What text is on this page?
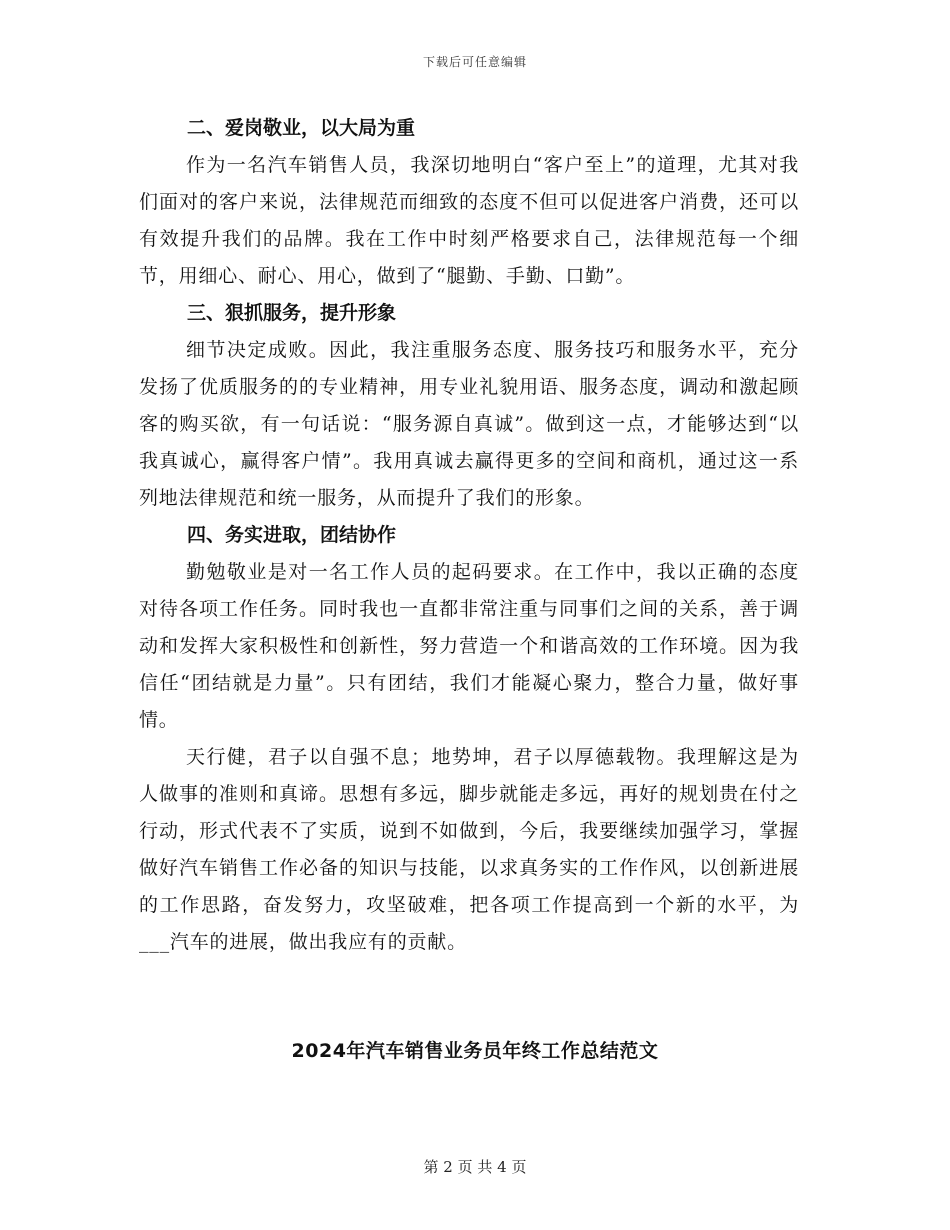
下载后可任意编辑
二、爱岗敬业，以大局为重

作为一名汽车销售人员，我深切地明白“客户至上”的道理，尤其对我们面对的客户来说，法律规范而细致的态度不但可以促进客户消费，还可以有效提升我们的品牌。我在工作中时刻严格要求自己，法律规范每一个细节，用细心、耐心、用心，做到了“腿勤、手勤、口勤”。

三、狠抓服务，提升形象

细节决定成败。因此，我注重服务态度、服务技巧和服务水平，充分发扬了优质服务的的专业精神，用专业礼貌用语、服务态度，调动和激起顾客的购买欲，有一句话说：“服务源自真诚”。做到这一点，才能够达到“以我真诚心，赢得客户情”。我用真诚去赢得更多的空间和商机，通过这一系列地法律规范和统一服务，从而提升了我们的形象。

四、务实进取，团结协作

勤勉敬业是对一名工作人员的起码要求。在工作中，我以正确的态度对待各项工作任务。同时我也一直都非常注重与同事们之间的关系，善于调动和发挥大家积极性和创新性，努力营造一个和谐高效的工作环境。因为我信任“团结就是力量”。只有团结，我们才能凝心聚力，整合力量，做好事情。

天行健，君子以自强不息；地势坤，君子以厚德载物。我理解这是为人做事的准则和真谛。思想有多远，脚步就能走多远，再好的规划贵在付之行动，形式代表不了实质，说到不如做到，今后，我要继续加强学习，掌握做好汽车销售工作必备的知识与技能，以求真务实的工作作风，以创新进展的工作思路，奋发努力，攻坚破难，把各项工作提高到一个新的水平，为___汽车的进展，做出我应有的贡献。

2024年汽车销售业务员年终工作总结范文
第 2 页 共 4 页
